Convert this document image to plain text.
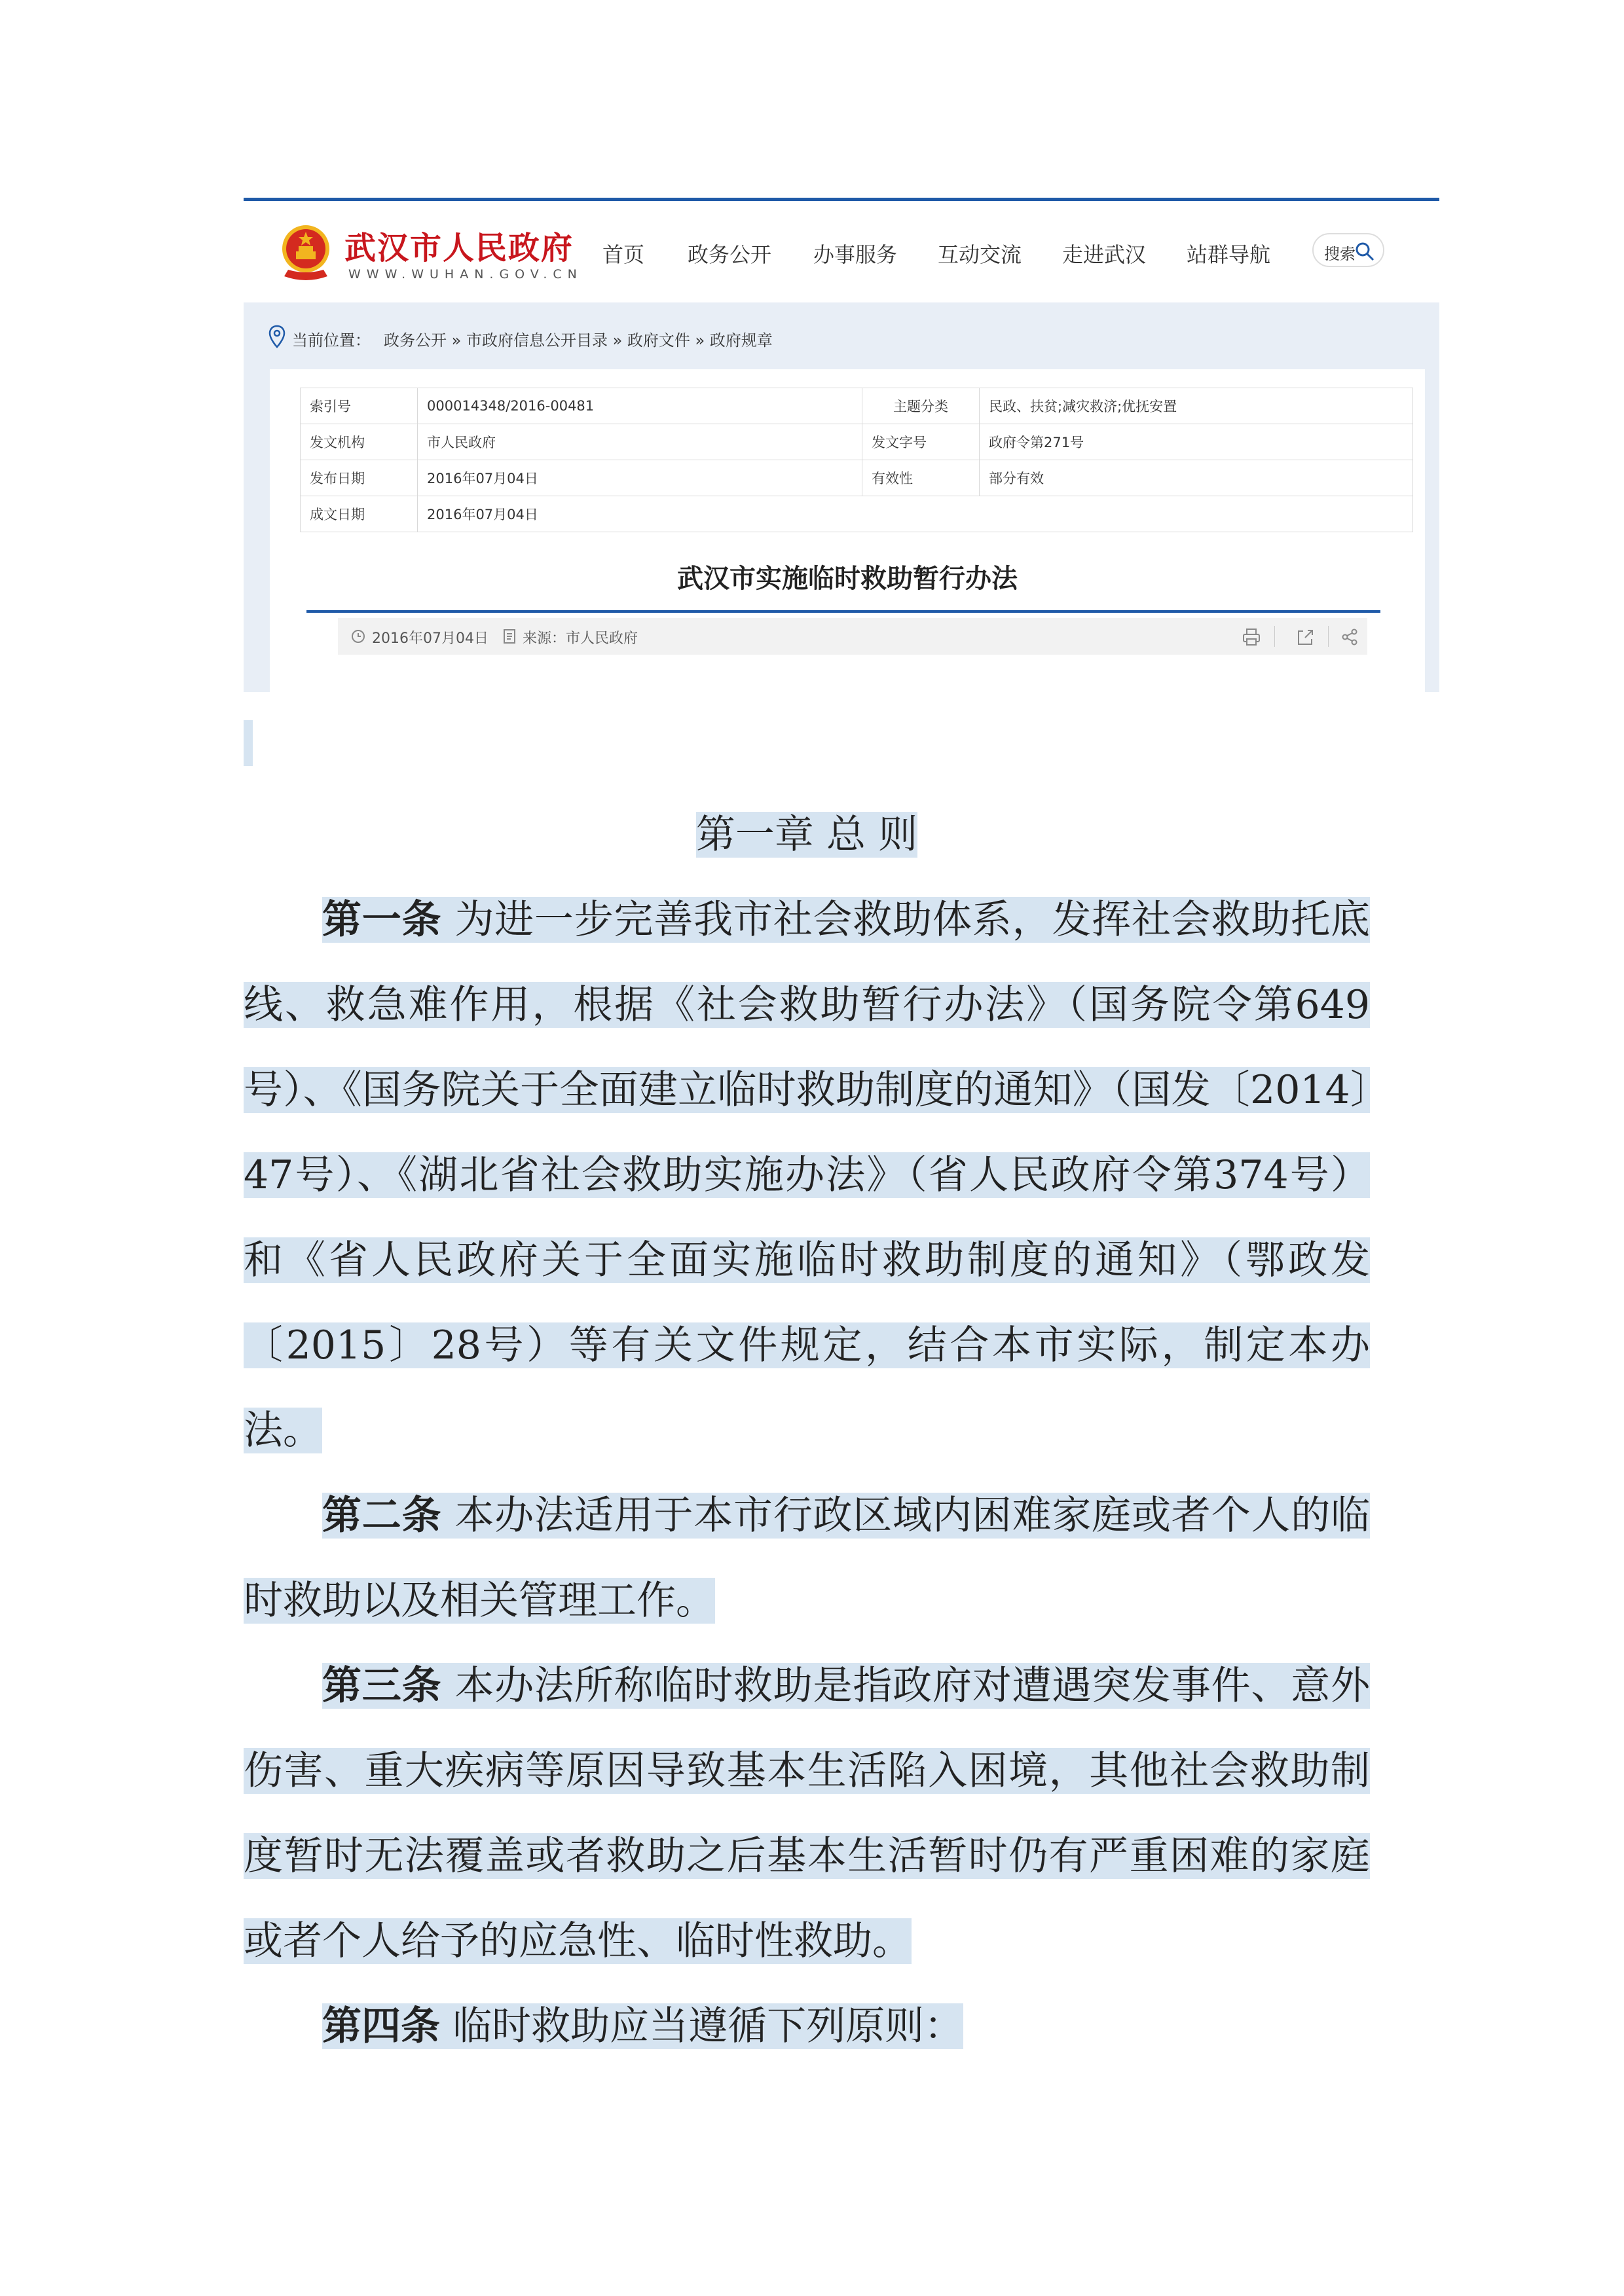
武汉市人民政府
WWW.WUHAN.GOV.CN
首页 政务公开 办事服务 互动交流 走进武汉 站群导航	搜索
当前位置： 政务公开 » 市政府信息公开目录 » 政府文件 » 政府规章
索引号	000014348/2016-00481	主题分类	民政、扶贫;减灾救济;优抚安置
发文机构	市人民政府	发文字号	政府令第271号
发布日期	2016年07月04日	有效性	部分有效
成文日期	2016年07月04日		
武汉市实施临时救助暂行办法
2016年07月04日 来源：市人民政府
第一章 总 则

第一条 为进一步完善我市社会救助体系，发挥社会救助托底线、救急难作用，根据《社会救助暂行办法》（国务院令第649号）、《国务院关于全面建立临时救助制度的通知》（国发〔2014〕47号）、《湖北省社会救助实施办法》（省人民政府令第374号）和《省人民政府关于全面实施临时救助制度的通知》（鄂政发〔2015〕28号）等有关文件规定，结合本市实际，制定本办法。

第二条 本办法适用于本市行政区域内困难家庭或者个人的临时救助以及相关管理工作。

第三条 本办法所称临时救助是指政府对遭遇突发事件、意外伤害、重大疾病等原因导致基本生活陷入困境，其他社会救助制度暂时无法覆盖或者救助之后基本生活暂时仍有严重困难的家庭或者个人给予的应急性、临时性救助。

第四条 临时救助应当遵循下列原则：
